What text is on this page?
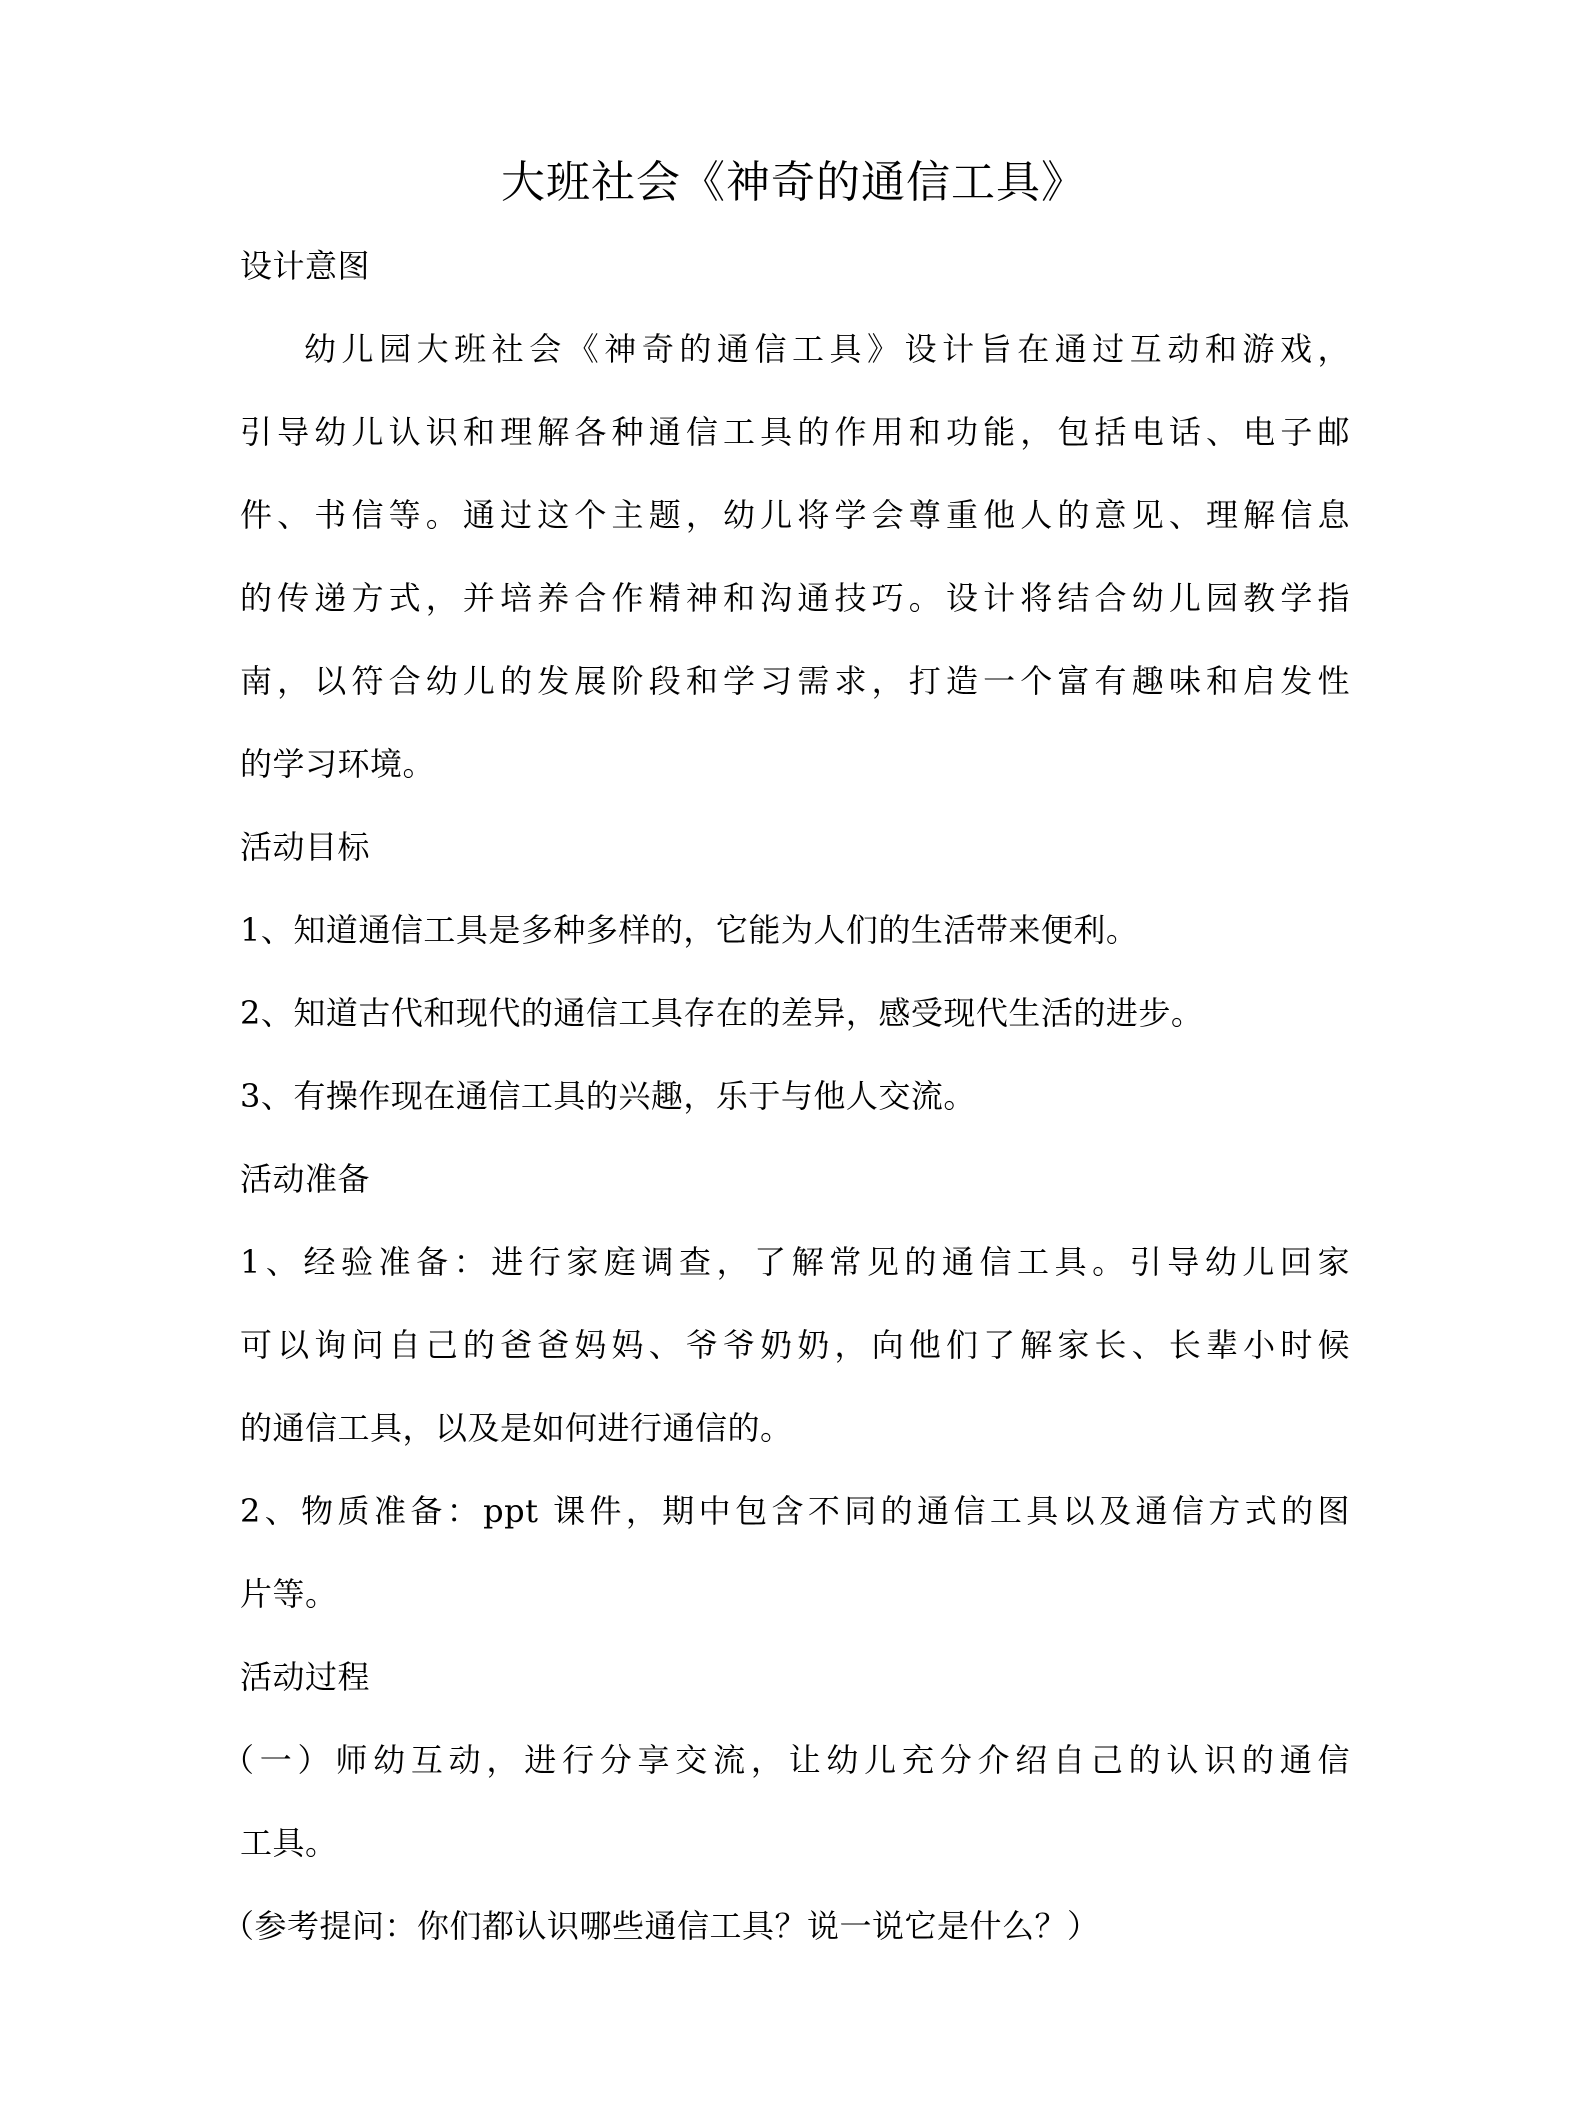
大班社会《神奇的通信工具》
设计意图
幼儿园大班社会《神奇的通信工具》设计旨在通过互动和游戏，
引导幼儿认识和理解各种通信工具的作用和功能，包括电话、电子邮
件、书信等。通过这个主题，幼儿将学会尊重他人的意见、理解信息
的传递方式，并培养合作精神和沟通技巧。设计将结合幼儿园教学指
南，以符合幼儿的发展阶段和学习需求，打造一个富有趣味和启发性
的学习环境。
活动目标
1、知道通信工具是多种多样的，它能为人们的生活带来便利。
2、知道古代和现代的通信工具存在的差异，感受现代生活的进步。
3、有操作现在通信工具的兴趣，乐于与他人交流。
活动准备
1、经验准备：进行家庭调查，了解常见的通信工具。引导幼儿回家
可以询问自己的爸爸妈妈、爷爷奶奶，向他们了解家长、长辈小时候
的通信工具，以及是如何进行通信的。
2、物质准备：ppt 课件，期中包含不同的通信工具以及通信方式的图
片等。
活动过程
（一）师幼互动，进行分享交流，让幼儿充分介绍自己的认识的通信
工具。
（参考提问：你们都认识哪些通信工具？说一说它是什么？）
